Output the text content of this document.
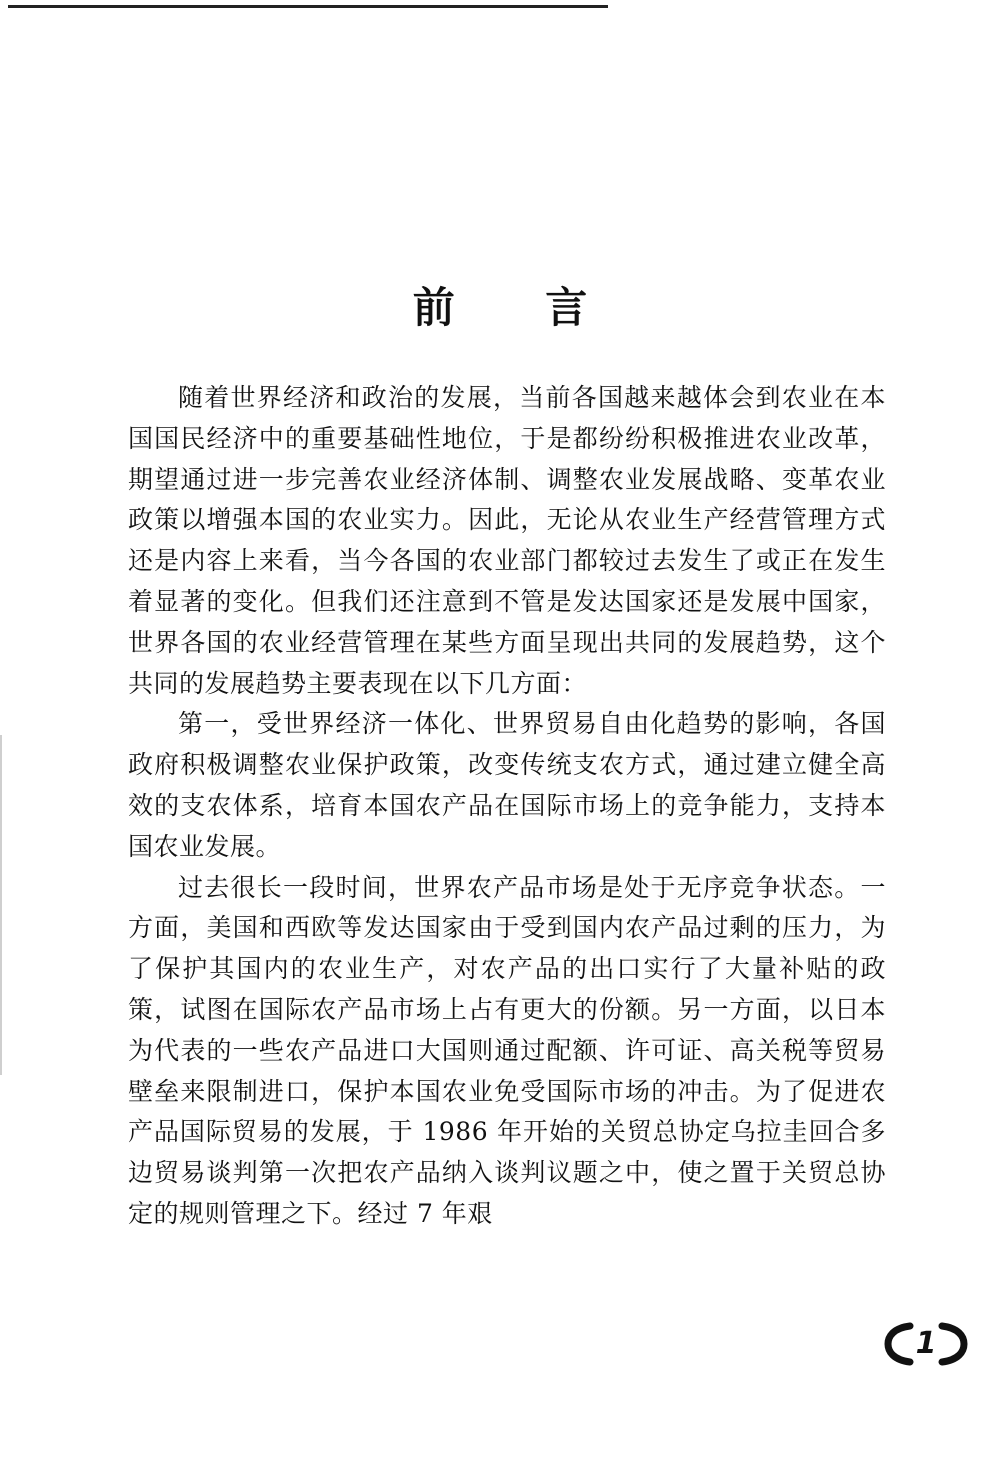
前 言

随着世界经济和政治的发展，当前各国越来越体会到农业在本国国民经济中的重要基础性地位，于是都纷纷积极推进农业改革，期望通过进一步完善农业经济体制、调整农业发展战略、变革农业政策以增强本国的农业实力。因此，无论从农业生产经营管理方式还是内容上来看，当今各国的农业部门都较过去发生了或正在发生着显著的变化。但我们还注意到不管是发达国家还是发展中国家，世界各国的农业经营管理在某些方面呈现出共同的发展趋势，这个共同的发展趋势主要表现在以下几方面：

第一，受世界经济一体化、世界贸易自由化趋势的影响，各国政府积极调整农业保护政策，改变传统支农方式，通过建立健全高效的支农体系，培育本国农产品在国际市场上的竞争能力，支持本国农业发展。

过去很长一段时间，世界农产品市场是处于无序竞争状态。一方面，美国和西欧等发达国家由于受到国内农产品过剩的压力，为了保护其国内的农业生产，对农产品的出口实行了大量补贴的政策，试图在国际农产品市场上占有更大的份额。另一方面，以日本为代表的一些农产品进口大国则通过配额、许可证、高关税等贸易壁垒来限制进口，保护本国农业免受国际市场的冲击。为了促进农产品国际贸易的发展，于 1986 年开始的关贸总协定乌拉圭回合多边贸易谈判第一次把农产品纳入谈判议题之中，使之置于关贸总协定的规则管理之下。经过 7 年艰

1
